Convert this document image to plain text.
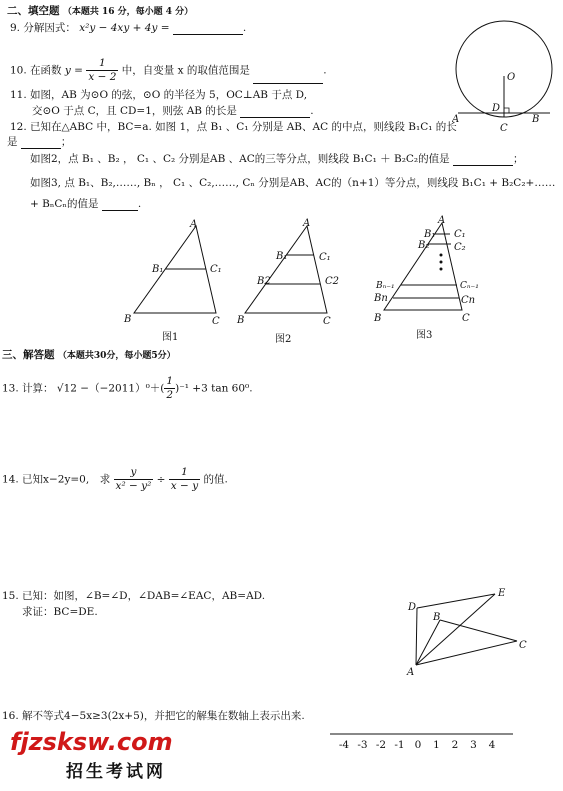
二、填空题 （本题共 16 分，每小题 4 分）
9. 分解因式： x²y − 4xy + 4y =	.
10. 在函数 $y = \frac{1}{x - 2}$ 中，自变量 x 的取值范围是	.
11. 如图，AB 为⊙O 的弦，⊙O 的半径为 5，OC⊥AB 于点 D,
交⊙O 于点 C，且 CD=1，则弦 AB 的长是	.
12. 已知在△ABC 中，BC=a. 如图 1，点 B₁ 、C₁ 分别是 AB、AC 的中点，则线段 B₁C₁ 的长
是	；
如图2，点 B₁ 、B₂ ， C₁ 、C₂ 分别是AB 、AC的三等分点，则线段 B₁C₁ ＋ B₂C₂的值是	；
如图3, 点 B₁、B₂,……, Bₙ ， C₁ 、C₂,……, Cₙ 分别是AB、AC的（n+1）等分点，则线段 B₁C₁ + B₂C₂+……
+ BₙCₙ的值是	.
O
D
A	B
C
A
B₁	C₁
B	C
图1
A
B₁	C₁
B2	C2
B	C
图2
A
B₁ C₁
B₂ C₂
Bₙ₋₁	Cₙ₋₁
Bn	Cn
B	C
图3
三、解答题 （本题共30分，每小题5分）
13. 计算： $√12 -(-2011)^0+( \frac{1}{2} )^{-1} +3$ tan 60⁰.
14. 已知x−2y=0,　求 $\frac{y}{\text{x² − y²}} \div \frac{1}{x - y}$ 的值.
15. 已知：如图，∠B=∠D，∠DAB=∠EAC，AB=AD.
求证：BC=DE.	D
E
B
C
A
16. 解不等式4−5x≥3(2x+5)，并把它的解集在数轴上表示出来.
-4 -3 -2 -1 0 1 2 3 4
fjzsksw.com
招生考试网
